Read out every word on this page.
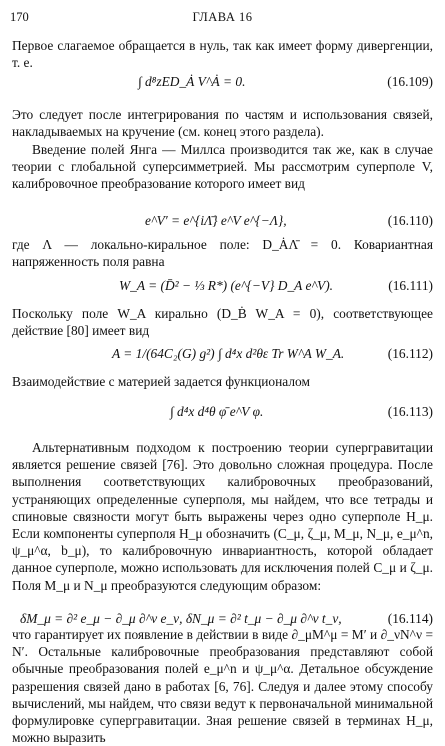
170	ГЛАВА 16

Первое слагаемое обращается в нуль, так как имеет форму дивергенции, т. е.

∫ d⁸zED_Ȧ V^Ȧ = 0.	(16.109)

Это следует после интегрирования по частям и использования связей, накладываемых на кручение (см. конец этого раздела).

Введение полей Янга — Миллса производится так же, как в случае теории с глобальной суперсимметрией. Мы рассмотрим суперполе V, калибровочное преобразование которого имеет вид

e^V′ = e^{iΛ̄} e^V e^{−Λ},	(16.110)

где Λ — локально-киральное поле: D_ȦΛ̄ = 0. Ковариантная напряженность поля равна

W_A = (D̄² − ⅓ R*) (e^{−V} D_A e^V).	(16.111)

Поскольку поле W_A кирально (D_Ḃ W_A = 0), соответствующее действие [80] имеет вид

A = 1/(64C₂(G) g²) ∫ d⁴x d²θε Tr W^A W_A.	(16.112)

Взаимодействие с материей задается функционалом

∫ d⁴x d⁴θ φ̄ e^V φ.	(16.113)

Альтернативным подходом к построению теории супергравитации является решение связей [76]. Это довольно сложная процедура. После выполнения соответствующих калибровочных преобразований, устраняющих определенные суперполя, мы найдем, что все тетрады и спиновые связности могут быть выражены через одно суперполе H_μ. Если компоненты суперполя H_μ обозначить (C_μ, ζ_μ, M_μ, N_μ, e_μ^n, ψ_μ^α, b_μ), то калибровочную инвариантность, которой обладает данное суперполе, можно использовать для исключения полей C_μ и ζ_μ. Поля M_μ и N_μ преобразуются следующим образом:

δM_μ = ∂² e_μ − ∂_μ ∂^ν e_ν, δN_μ = ∂² t_μ − ∂_μ ∂^ν t_ν,	(16.114)

что гарантирует их появление в действии в виде ∂_μM^μ = M′ и ∂_νN^ν = N′. Остальные калибровочные преобразования представляют собой обычные преобразования полей e_μ^n и ψ_μ^α. Детальное обсуждение разрешения связей дано в работах [6, 76]. Следуя и далее этому способу вычислений, мы найдем, что связи ведут к первоначальной минимальной формулировке супергравитации. Зная решение связей в терминах H_μ, можно выразить
